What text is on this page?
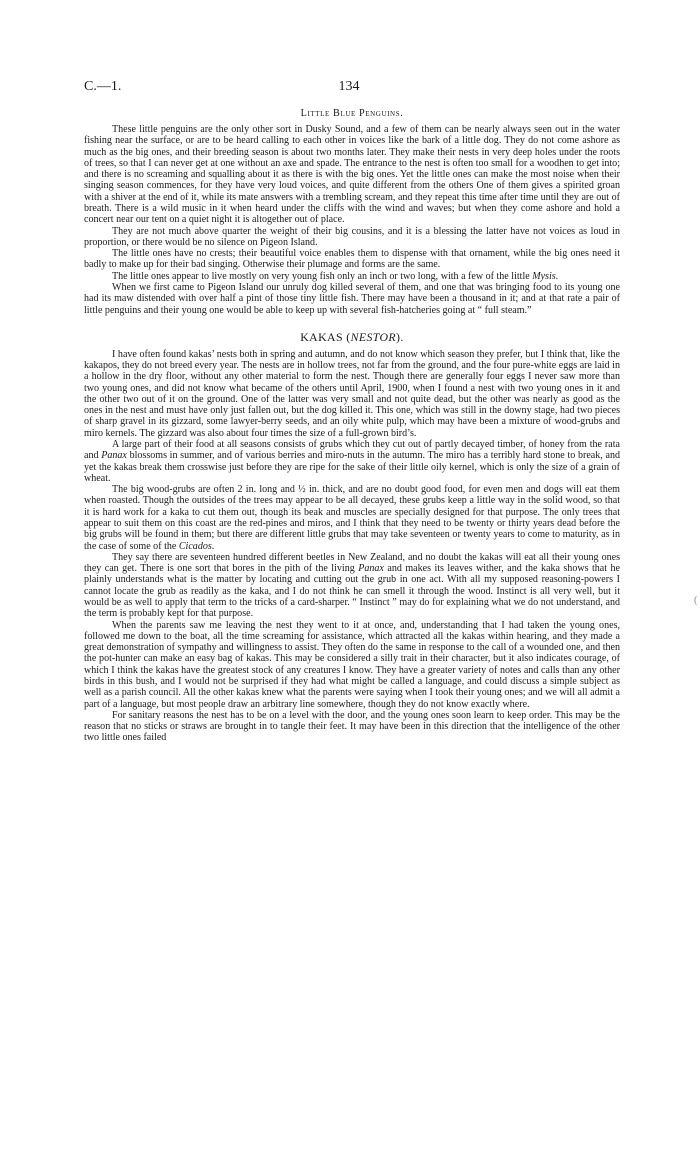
C.—1.	134
Little Blue Penguins.

These little penguins are the only other sort in Dusky Sound, and a few of them can be nearly always seen out in the water fishing near the surface, or are to be heard calling to each other in voices like the bark of a little dog. They do not come ashore as much as the big ones, and their breeding season is about two months later. They make their nests in very deep holes under the roots of trees, so that I can never get at one without an axe and spade. The entrance to the nest is often too small for a woodhen to get into; and there is no screaming and squalling about it as there is with the big ones. Yet the little ones can make the most noise when their singing season commences, for they have very loud voices, and quite different from the others One of them gives a spirited groan with a shiver at the end of it, while its mate answers with a trembling scream, and they repeat this time after time until they are out of breath. There is a wild music in it when heard under the cliffs with the wind and waves; but when they come ashore and hold a concert near our tent on a quiet night it is altogether out of place.

They are not much above quarter the weight of their big cousins, and it is a blessing the latter have not voices as loud in proportion, or there would be no silence on Pigeon Island.

The little ones have no crests; their beautiful voice enables them to dispense with that ornament, while the big ones need it badly to make up for their bad singing. Otherwise their plumage and forms are the same.

The little ones appear to live mostly on very young fish only an inch or two long, with a few of the little Mysis.

When we first came to Pigeon Island our unruly dog killed several of them, and one that was bringing food to its young one had its maw distended with over half a pint of those tiny little fish. There may have been a thousand in it; and at that rate a pair of little penguins and their young one would be able to keep up with several fish-hatcheries going at “ full steam.”

KAKAS (NESTOR).

I have often found kakas’ nests both in spring and autumn, and do not know which season they prefer, but I think that, like the kakapos, they do not breed every year. The nests are in hollow trees, not far from the ground, and the four pure-white eggs are laid in a hollow in the dry floor, without any other material to form the nest. Though there are generally four eggs I never saw more than two young ones, and did not know what became of the others until April, 1900, when I found a nest with two young ones in it and the other two out of it on the ground. One of the latter was very small and not quite dead, but the other was nearly as good as the ones in the nest and must have only just fallen out, but the dog killed it. This one, which was still in the downy stage, had two pieces of sharp gravel in its gizzard, some lawyer-berry seeds, and an oily white pulp, which may have been a mixture of wood-grubs and miro kernels. The gizzard was also about four times the size of a full-grown bird’s.

A large part of their food at all seasons consists of grubs which they cut out of partly decayed timber, of honey from the rata and Panax blossoms in summer, and of various berries and miro-nuts in the autumn. The miro has a terribly hard stone to break, and yet the kakas break them crosswise just before they are ripe for the sake of their little oily kernel, which is only the size of a grain of wheat.

The big wood-grubs are often 2 in. long and ½ in. thick, and are no doubt good food, for even men and dogs will eat them when roasted. Though the outsides of the trees may appear to be all decayed, these grubs keep a little way in the solid wood, so that it is hard work for a kaka to cut them out, though its beak and muscles are specially designed for that purpose. The only trees that appear to suit them on this coast are the red-pines and miros, and I think that they need to be twenty or thirty years dead before the big grubs will be found in them; but there are different little grubs that may take seventeen or twenty years to come to maturity, as in the case of some of the Cicados.

They say there are seventeen hundred different beetles in New Zealand, and no doubt the kakas will eat all their young ones they can get. There is one sort that bores in the pith of the living Panax and makes its leaves wither, and the kaka shows that he plainly understands what is the matter by locating and cutting out the grub in one act. With all my supposed reasoning-powers I cannot locate the grub as readily as the kaka, and I do not think he can smell it through the wood. Instinct is all very well, but it would be as well to apply that term to the tricks of a card-sharper. “ Instinct ” may do for explaining what we do not understand, and the term is probably kept for that purpose.

When the parents saw me leaving the nest they went to it at once, and, understanding that I had taken the young ones, followed me down to the boat, all the time screaming for assistance, which attracted all the kakas within hearing, and they made a great demonstration of sympathy and willingness to assist. They often do the same in response to the call of a wounded one, and then the pot-hunter can make an easy bag of kakas. This may be considered a silly trait in their character, but it also indicates courage, of which I think the kakas have the greatest stock of any creatures I know. They have a greater variety of notes and calls than any other birds in this bush, and I would not be surprised if they had what might be called a language, and could discuss a simple subject as well as a parish council. All the other kakas knew what the parents were saying when I took their young ones; and we will all admit a part of a language, but most people draw an arbitrary line somewhere, though they do not know exactly where.

For sanitary reasons the nest has to be on a level with the door, and the young ones soon learn to keep order. This may be the reason that no sticks or straws are brought in to tangle their feet. It may have been in this direction that the intelligence of the other two little ones failed

(
